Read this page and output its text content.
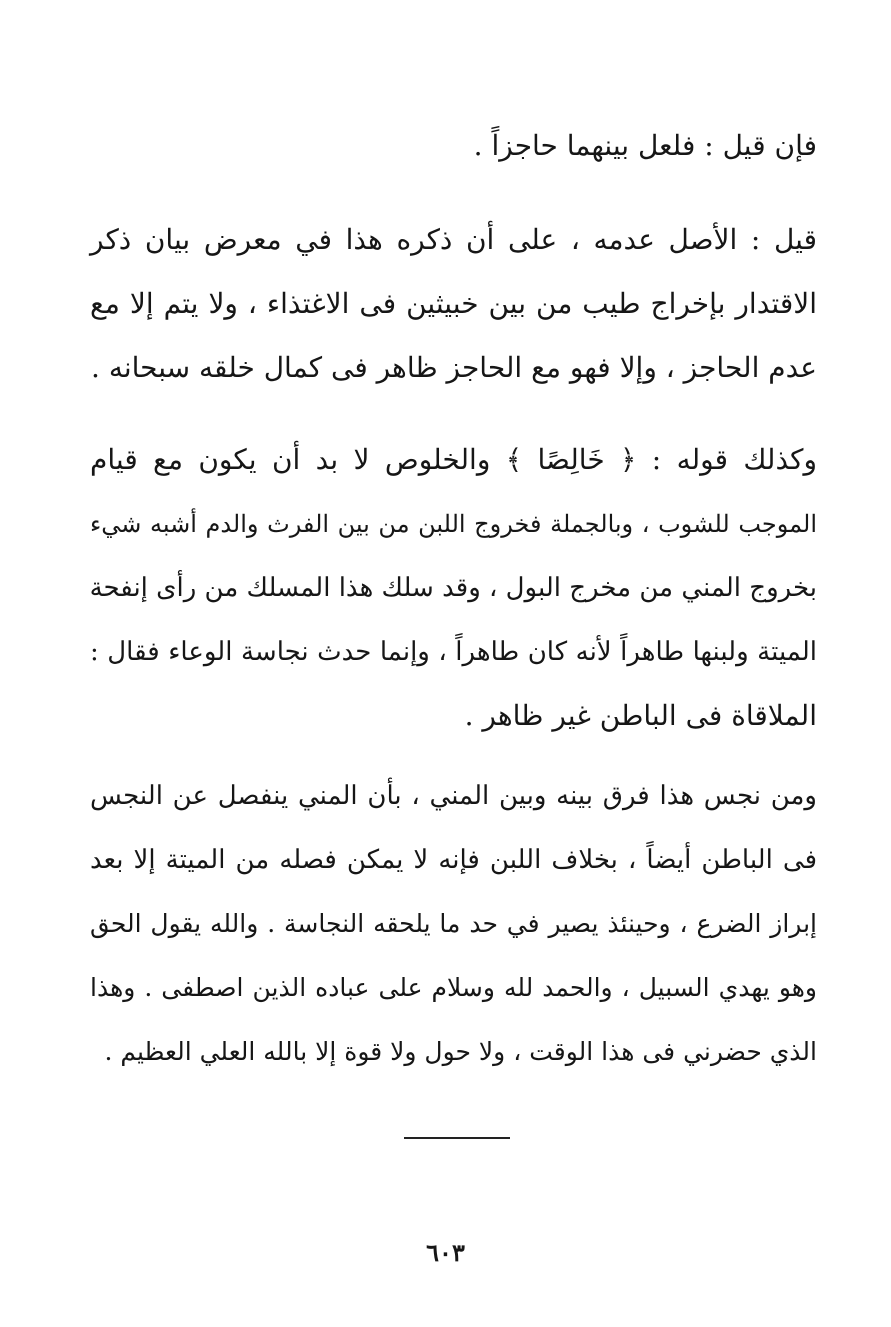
فإن قيل : فلعل بينهما حاجزاً .
قيل : الأصل عدمه ، على أن ذكره هذا في معرض بيان ذكر
الاقتدار بإخراج طيب من بين خبيثين فى الاغتذاء ، ولا يتم إلا مع
عدم الحاجز ، وإلا فهو مع الحاجز ظاهر فى كمال خلقه سبحانه .
وكذلك قوله : ﴿ خَالِصًا ﴾ والخلوص لا بد أن يكون مع قيام
الموجب للشوب ، وبالجملة فخروج اللبن من بين الفرث والدم أشبه شيء
بخروج المني من مخرج البول ، وقد سلك هذا المسلك من رأى إنفحة
الميتة ولبنها طاهراً لأنه كان طاهراً ، وإنما حدث نجاسة الوعاء فقال :
الملاقاة فى الباطن غير ظاهر .
ومن نجس هذا فرق بينه وبين المني ، بأن المني ينفصل عن النجس
فى الباطن أيضاً ، بخلاف اللبن فإنه لا يمكن فصله من الميتة إلا بعد
إبراز الضرع ، وحينئذ يصير في حد ما يلحقه النجاسة . والله يقول الحق
وهو يهدي السبيل ، والحمد لله وسلام على عباده الذين اصطفى . وهذا
الذي حضرني فى هذا الوقت ، ولا حول ولا قوة إلا بالله العلي العظيم .
٦٠٣
